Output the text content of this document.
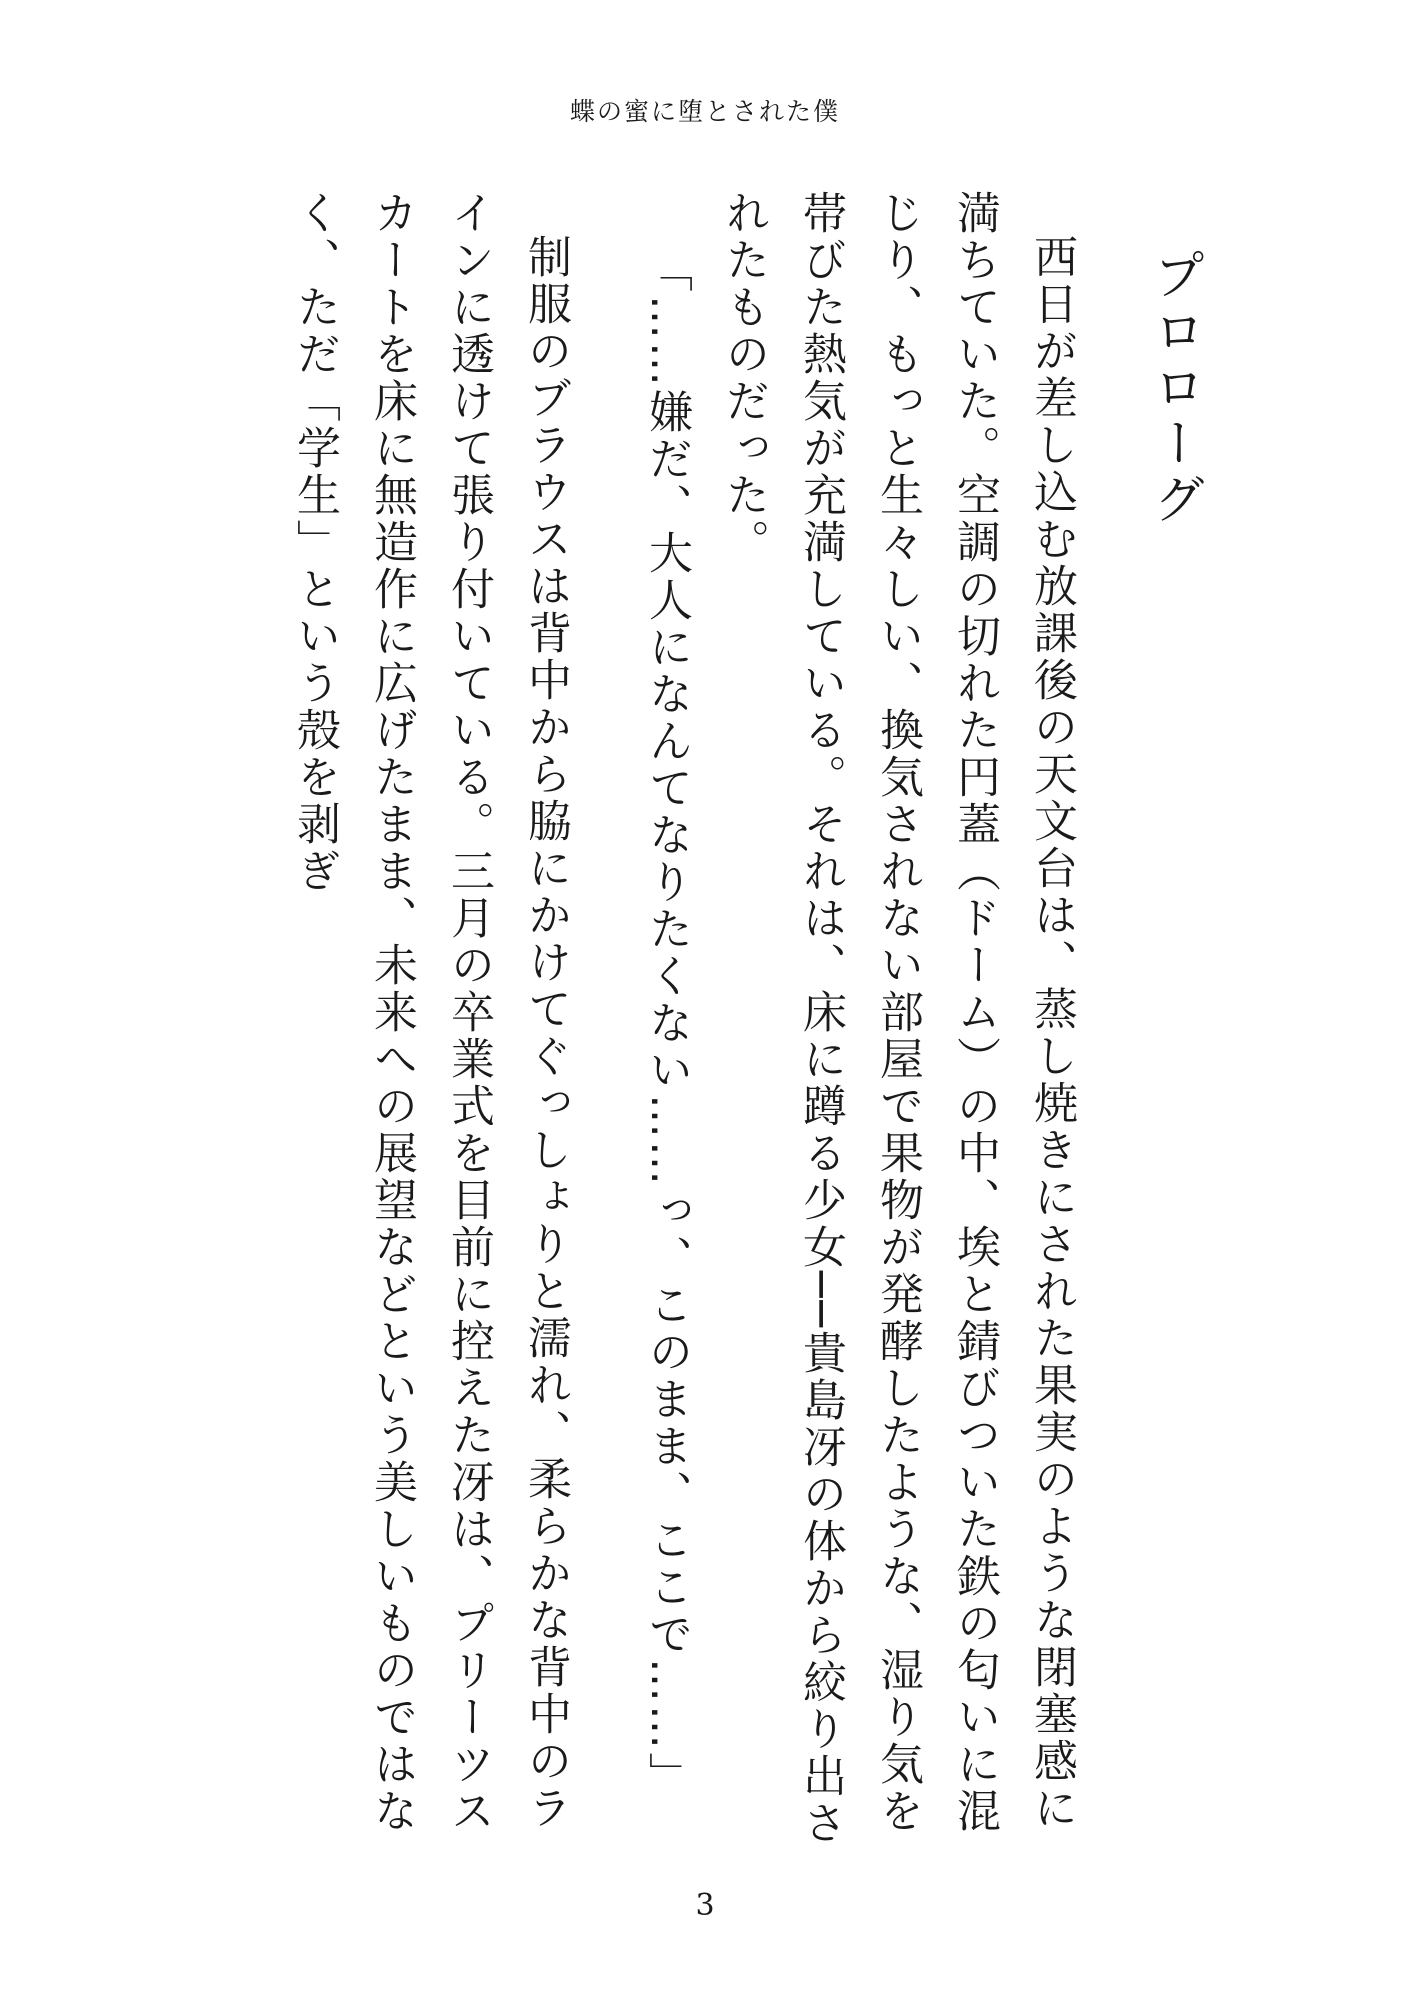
蝶の蜜に堕とされた僕
プロローグ

西日が差し込む放課後の天文台は、蒸し焼きにされた果実のような閉塞感に満ちていた。空調の切れた円蓋（ドーム）の中、埃と錆びついた鉄の匂いに混じり、もっと生々しい、換気されない部屋で果物が発酵したような、湿り気を帯びた熱気が充満している。それは、床に蹲る少女──貴島冴の体から絞り出されたものだった。

「……嫌だ、大人になんてなりたくない……っ、このまま、ここで……」

制服のブラウスは背中から脇にかけてぐっしょりと濡れ、柔らかな背中のラインに透けて張り付いている。三月の卒業式を目前に控えた冴は、プリーツスカートを床に無造作に広げたまま、未来への展望などという美しいものではなく、ただ「学生」という殻を剥ぎ

3
